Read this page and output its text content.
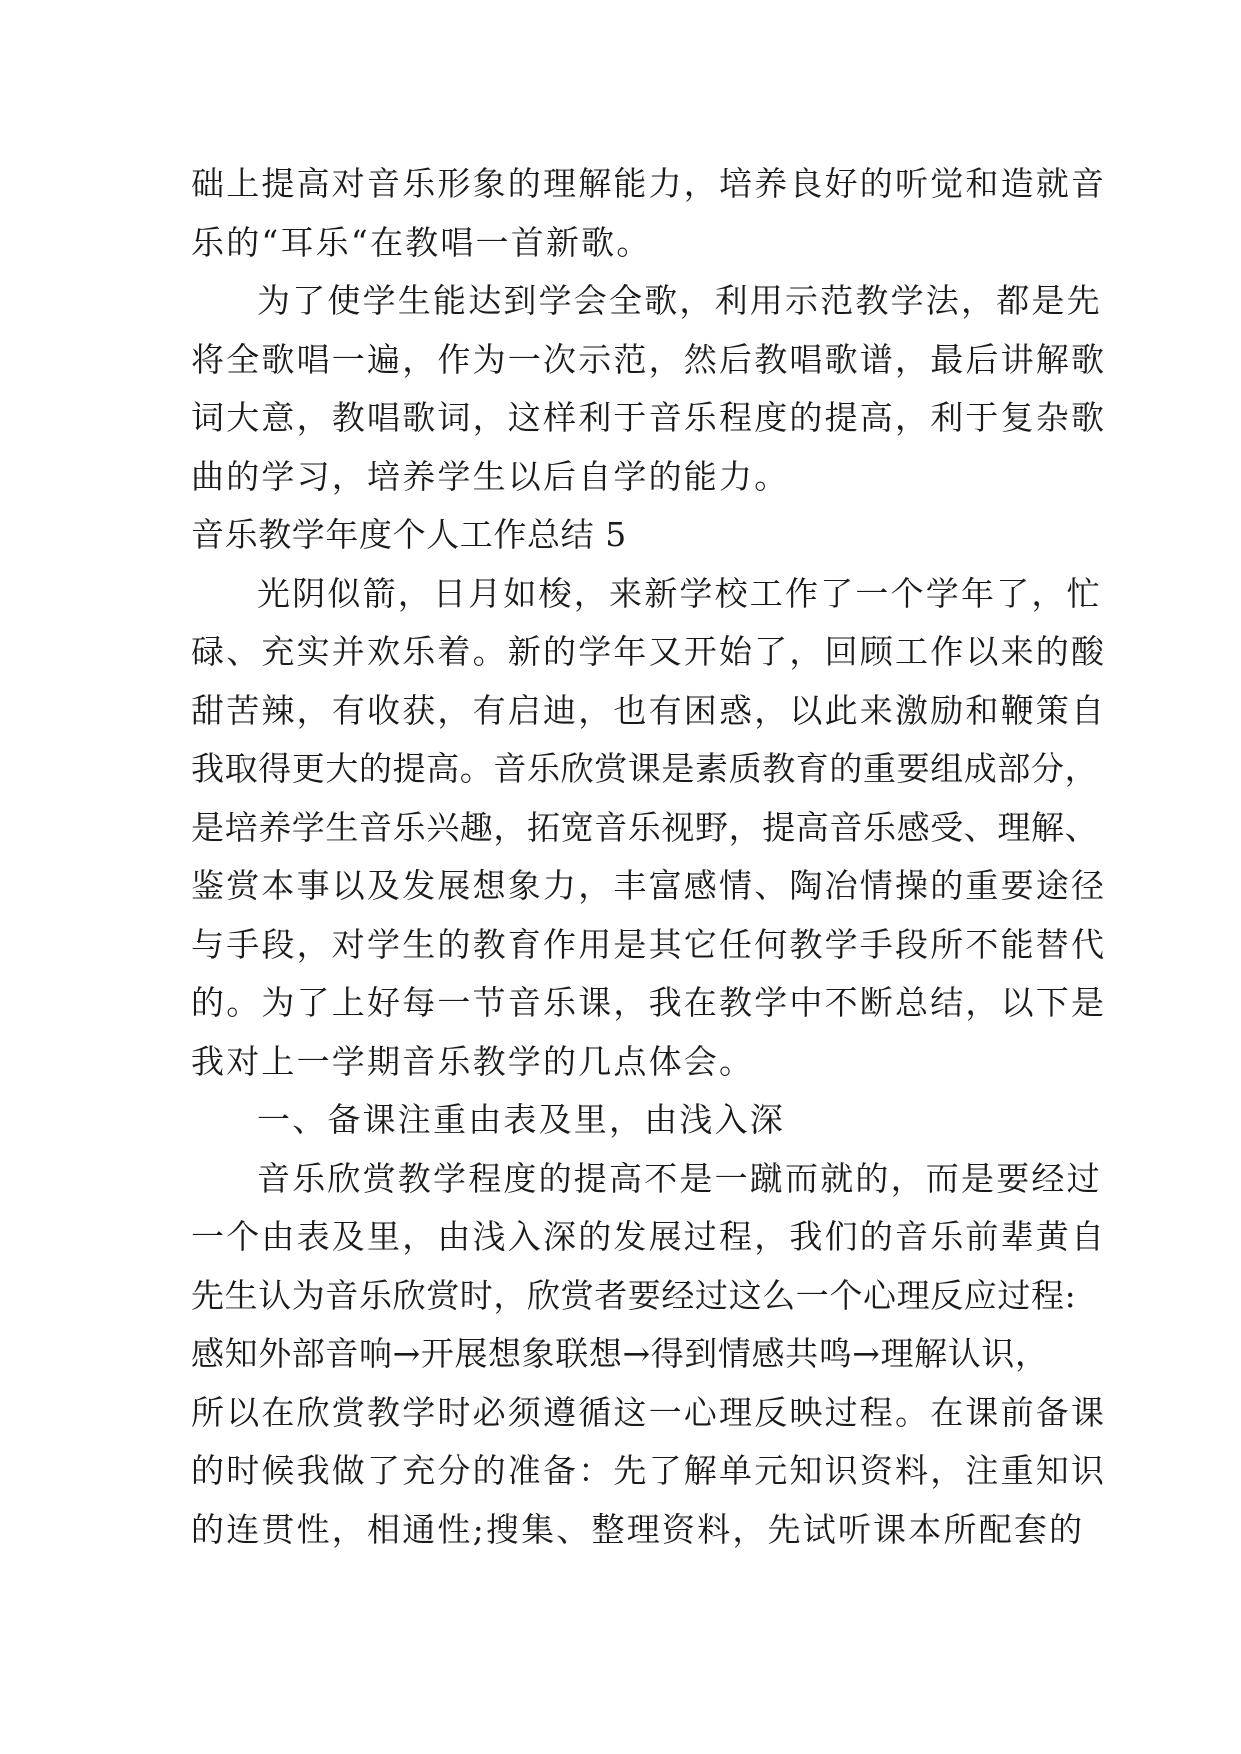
础上提高对音乐形象的理解能力，培养良好的听觉和造就音
乐的“耳乐“在教唱一首新歌。
为了使学生能达到学会全歌，利用示范教学法，都是先
将全歌唱一遍，作为一次示范，然后教唱歌谱，最后讲解歌
词大意，教唱歌词，这样利于音乐程度的提高，利于复杂歌
曲的学习，培养学生以后自学的能力。
音乐教学年度个人工作总结 5
光阴似箭，日月如梭，来新学校工作了一个学年了，忙
碌、充实并欢乐着。新的学年又开始了，回顾工作以来的酸
甜苦辣，有收获，有启迪，也有困惑，以此来激励和鞭策自
我取得更大的提高。音乐欣赏课是素质教育的重要组成部分，
是培养学生音乐兴趣，拓宽音乐视野，提高音乐感受、理解、
鉴赏本事以及发展想象力，丰富感情、陶冶情操的重要途径
与手段，对学生的教育作用是其它任何教学手段所不能替代
的。为了上好每一节音乐课，我在教学中不断总结，以下是
我对上一学期音乐教学的几点体会。
一、备课注重由表及里，由浅入深
音乐欣赏教学程度的提高不是一蹴而就的，而是要经过
一个由表及里，由浅入深的发展过程，我们的音乐前辈黄自
先生认为音乐欣赏时，欣赏者要经过这么一个心理反应过程:
感知外部音响→开展想象联想→得到情感共鸣→理解认识，
所以在欣赏教学时必须遵循这一心理反映过程。在课前备课
的时候我做了充分的准备：先了解单元知识资料，注重知识
的连贯性，相通性;搜集、整理资料，先试听课本所配套的
